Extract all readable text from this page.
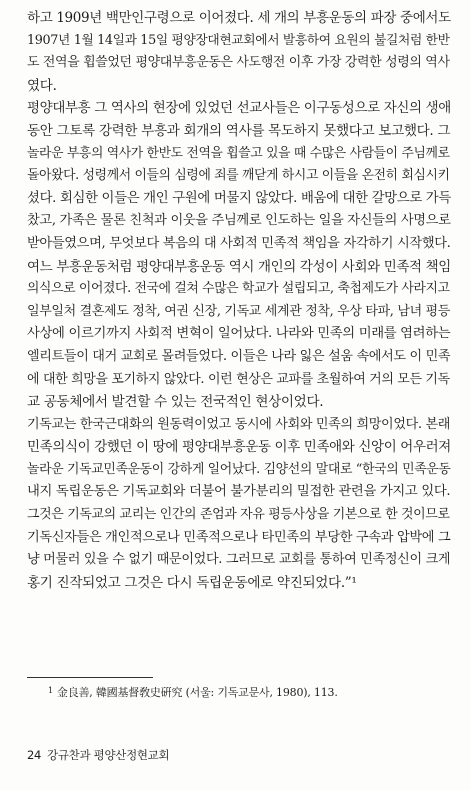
하고 1909년 백만인구령으로 이어졌다. 세 개의 부흥운동의 파장 중에서도
1907년 1월 14일과 15일 평양장대현교회에서 발흥하여 요원의 불길처럼 한반
도 전역을 휩쓸었던 평양대부흥운동은 사도행전 이후 가장 강력한 성령의 역사
였다.
평양대부흥 그 역사의 현장에 있었던 선교사들은 이구동성으로 자신의 생애
동안 그토록 강력한 부흥과 회개의 역사를 목도하지 못했다고 보고했다. 그
놀라운 부흥의 역사가 한반도 전역을 휩쓸고 있을 때 수많은 사람들이 주님께로
돌아왔다. 성령께서 이들의 심령에 죄를 깨닫게 하시고 이들을 온전히 회심시키
셨다. 회심한 이들은 개인 구원에 머물지 않았다. 배움에 대한 갈망으로 가득
찼고, 가족은 물론 친척과 이웃을 주님께로 인도하는 일을 자신들의 사명으로
받아들였으며, 무엇보다 복음의 대 사회적 민족적 책임을 자각하기 시작했다.
여느 부흥운동처럼 평양대부흥운동 역시 개인의 각성이 사회와 민족적 책임
의식으로 이어졌다. 전국에 걸쳐 수많은 학교가 설립되고, 축첩제도가 사라지고
일부일처 결혼제도 정착, 여권 신장, 기독교 세계관 정착, 우상 타파, 남녀 평등
사상에 이르기까지 사회적 변혁이 일어났다. 나라와 민족의 미래를 염려하는
엘리트들이 대거 교회로 몰려들었다. 이들은 나라 잃은 설움 속에서도 이 민족
에 대한 희망을 포기하지 않았다. 이런 현상은 교파를 초월하여 거의 모든 기독
교 공동체에서 발견할 수 있는 전국적인 현상이었다.
기독교는 한국근대화의 원동력이었고 동시에 사회와 민족의 희망이었다. 본래
민족의식이 강했던 이 땅에 평양대부흥운동 이후 민족애와 신앙이 어우러져
놀라운 기독교민족운동이 강하게 일어났다. 김양선의 말대로 “한국의 민족운동
내지 독립운동은 기독교회와 더불어 불가분리의 밀접한 관련을 가지고 있다.
그것은 기독교의 교리는 인간의 존엄과 자유 평등사상을 기본으로 한 것이므로
기독신자들은 개인적으로나 민족적으로나 타민족의 부당한 구속과 압박에 그
냥 머물러 있을 수 없기 때문이었다. 그러므로 교회를 통하여 민족정신이 크게
홍기 진작되었고 그것은 다시 독립운동에로 약진되었다.”¹
$^1$ 金良善, 韓國基督敎史硏究 (서울: 기독교문사, 1980), 113.
24 강규찬과 평양산정현교회
